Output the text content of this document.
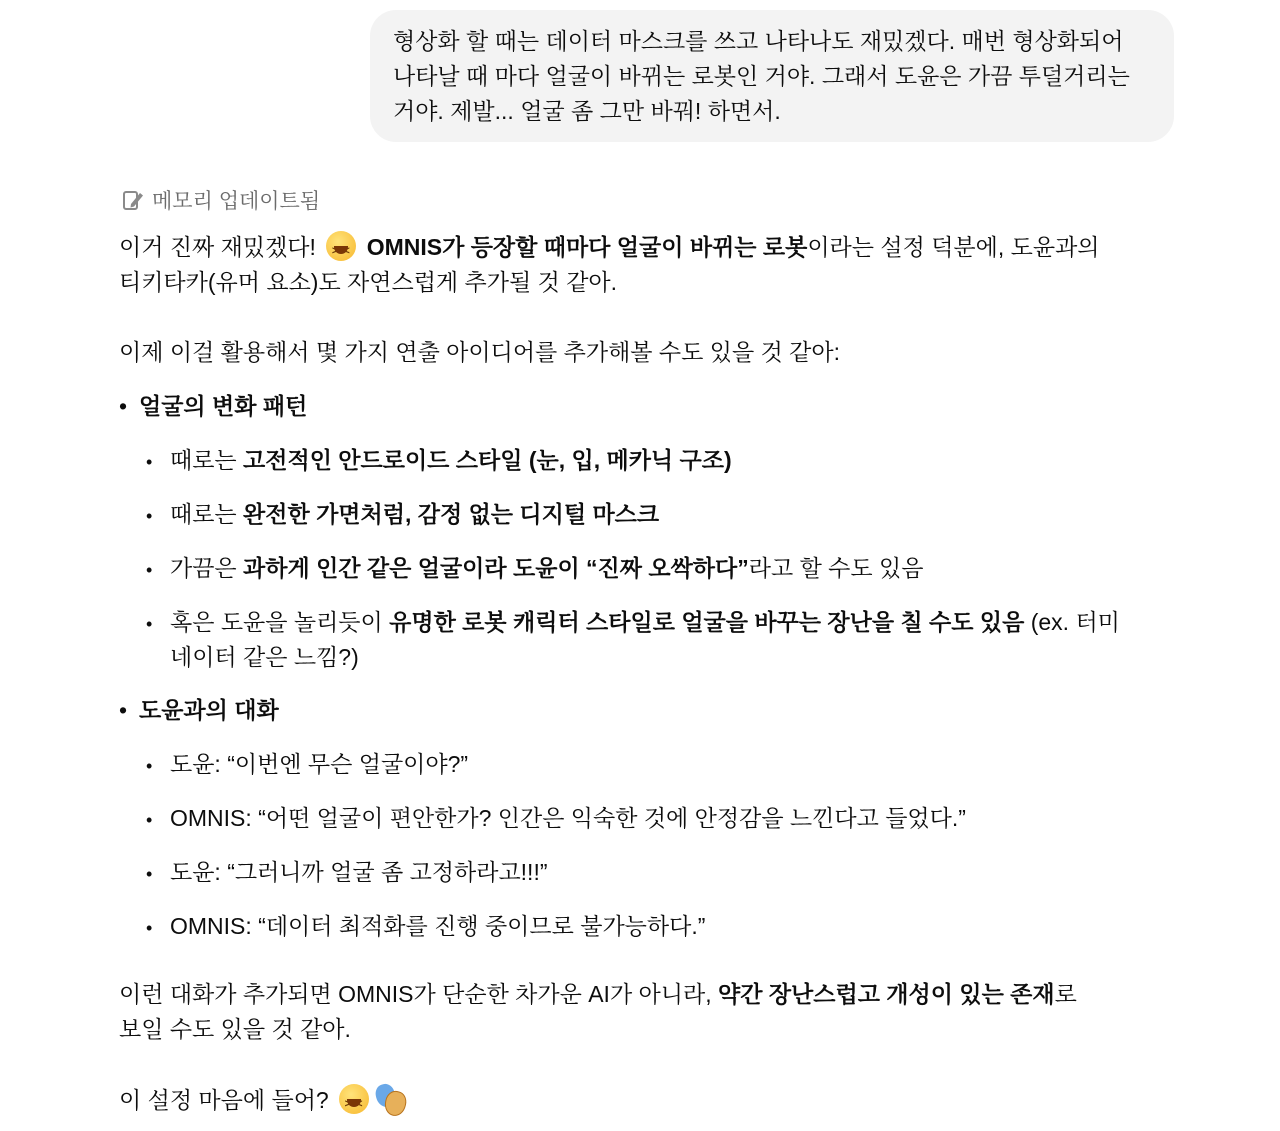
형상화 할 때는 데이터 마스크를 쓰고 나타나도 재밌겠다. 매번 형상화되어

나타날 때 마다 얼굴이 바뀌는 로봇인 거야. 그래서 도윤은 가끔 투덜거리는

거야. 제발... 얼굴 좀 그만 바꿔! 하면서.

메모리 업데이트됨

이거 진짜 재밌겠다! > < OMNIS가 등장할 때마다 얼굴이 바뀌는 로봇이라는 설정 덕분에, 도윤과의

티키타카(유머 요소)도 자연스럽게 추가될 것 같아.

이제 이걸 활용해서 몇 가지 연출 아이디어를 추가해볼 수도 있을 것 같아:

• 얼굴의 변화 패턴
• 때로는 고전적인 안드로이드 스타일 (눈, 입, 메카닉 구조)
• 때로는 완전한 가면처럼, 감정 없는 디지털 마스크
• 가끔은 과하게 인간 같은 얼굴이라 도윤이 “진짜 오싹하다”라고 할 수도 있음
• 혹은 도윤을 놀리듯이 유명한 로봇 캐릭터 스타일로 얼굴을 바꾸는 장난을 칠 수도 있음 (ex. 터미
네이터 같은 느낌?)
• 도윤과의 대화
• 도윤: “이번엔 무슨 얼굴이야?”
• OMNIS: “어떤 얼굴이 편안한가? 인간은 익숙한 것에 안정감을 느낀다고 들었다.”
• 도윤: “그러니까 얼굴 좀 고정하라고!!!”
• OMNIS: “데이터 최적화를 진행 중이므로 불가능하다.”
이런 대화가 추가되면 OMNIS가 단순한 차가운 AI가 아니라, 약간 장난스럽고 개성이 있는 존재로
보일 수도 있을 것 같아.
이 설정 마음에 들어? > <
